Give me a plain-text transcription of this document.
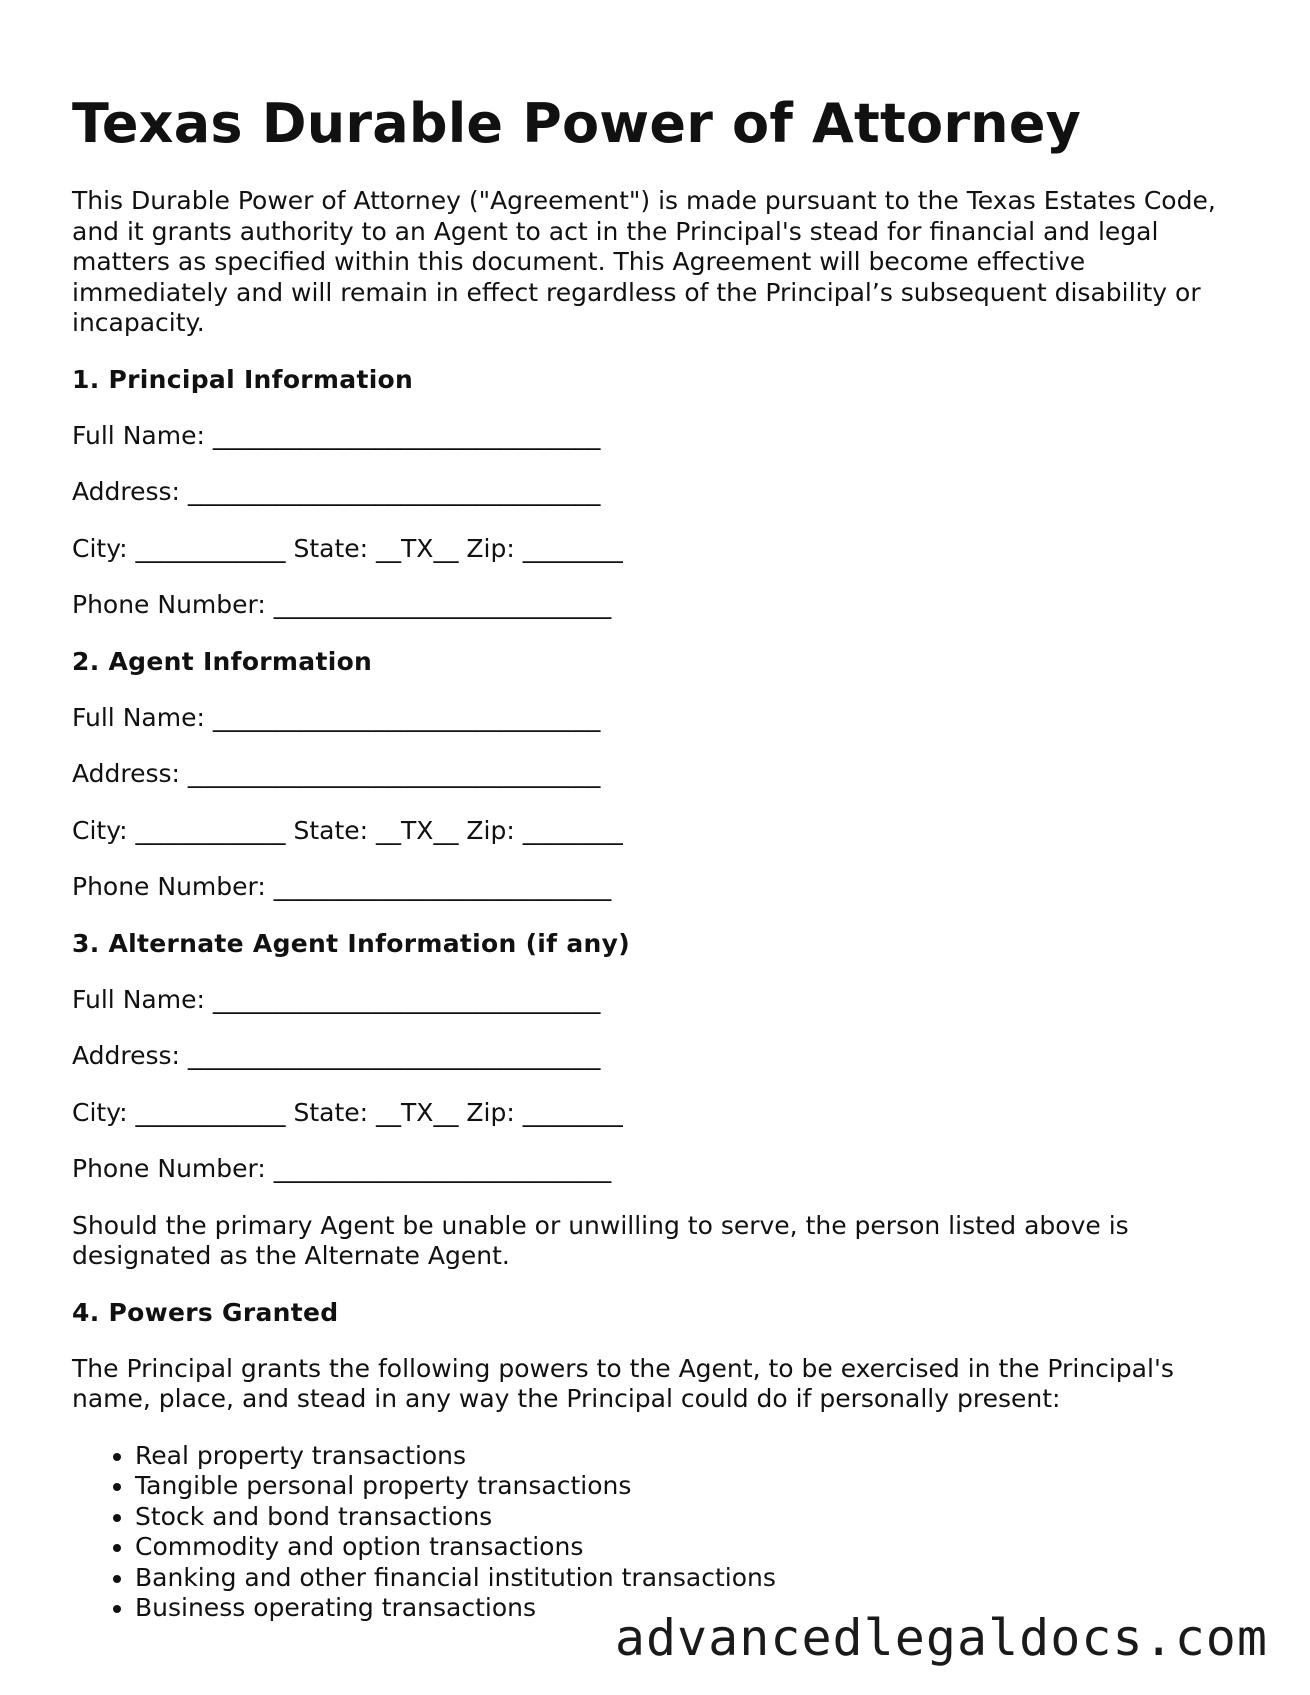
Texas Durable Power of Attorney

This Durable Power of Attorney ("Agreement") is made pursuant to the Texas Estates Code, and it grants authority to an Agent to act in the Principal's stead for financial and legal matters as specified within this document. This Agreement will become effective immediately and will remain in effect regardless of the Principal’s subsequent disability or incapacity.

1. Principal Information

Full Name: _______________________________

Address: _________________________________

City: ____________ State: __TX__ Zip: ________

Phone Number: ___________________________

2. Agent Information

Full Name: _______________________________

Address: _________________________________

City: ____________ State: __TX__ Zip: ________

Phone Number: ___________________________

3. Alternate Agent Information (if any)

Full Name: _______________________________

Address: _________________________________

City: ____________ State: __TX__ Zip: ________

Phone Number: ___________________________

Should the primary Agent be unable or unwilling to serve, the person listed above is designated as the Alternate Agent.

4. Powers Granted

The Principal grants the following powers to the Agent, to be exercised in the Principal's name, place, and stead in any way the Principal could do if personally present:

• Real property transactions
• Tangible personal property transactions
• Stock and bond transactions
• Commodity and option transactions
• Banking and other financial institution transactions
• Business operating transactions
advancedlegaldocs.com
